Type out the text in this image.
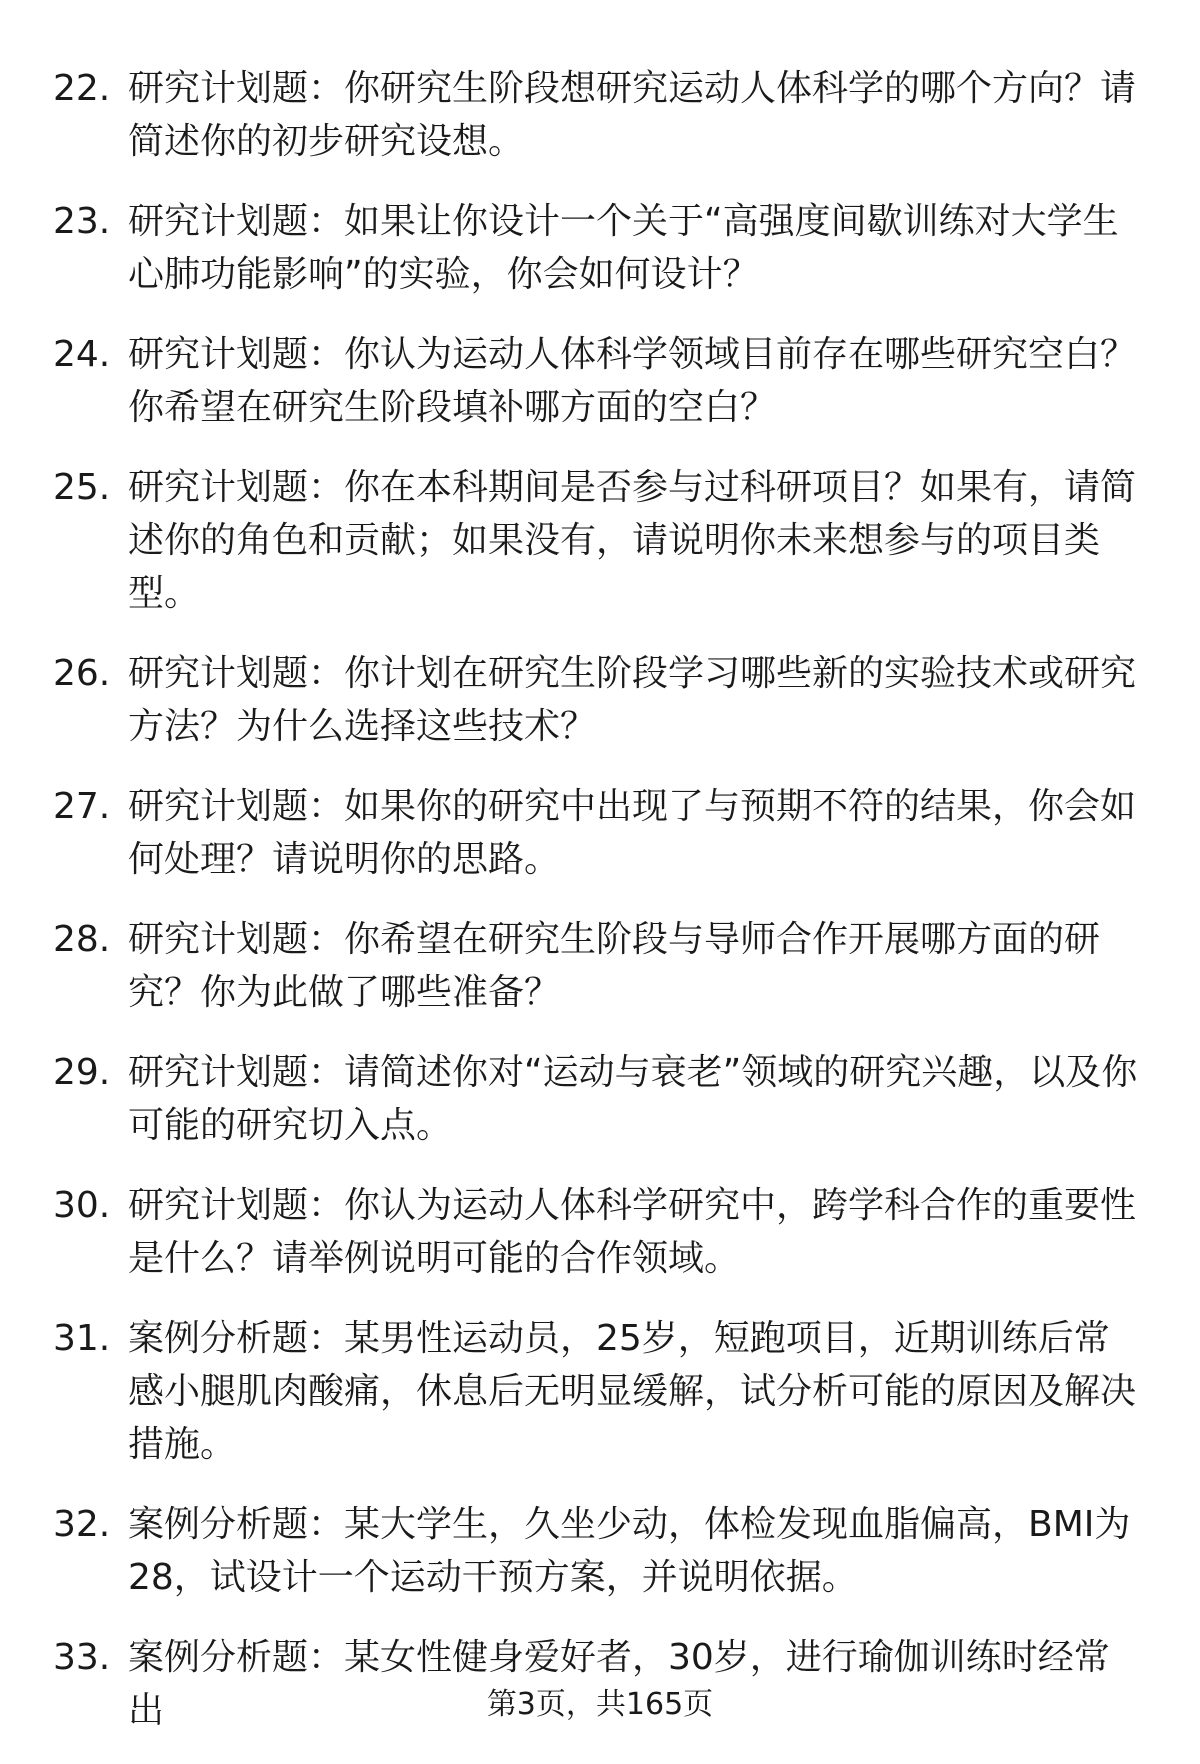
22. 研究计划题：你研究生阶段想研究运动人体科学的哪个方向？请简述你的初步研究设想。
23. 研究计划题：如果让你设计一个关于“高强度间歇训练对大学生心肺功能影响”的实验，你会如何设计？
24. 研究计划题：你认为运动人体科学领域目前存在哪些研究空白？你希望在研究生阶段填补哪方面的空白？
25. 研究计划题：你在本科期间是否参与过科研项目？如果有，请简述你的角色和贡献；如果没有，请说明你未来想参与的项目类型。
26. 研究计划题：你计划在研究生阶段学习哪些新的实验技术或研究方法？为什么选择这些技术？
27. 研究计划题：如果你的研究中出现了与预期不符的结果，你会如何处理？请说明你的思路。
28. 研究计划题：你希望在研究生阶段与导师合作开展哪方面的研究？你为此做了哪些准备？
29. 研究计划题：请简述你对“运动与衰老”领域的研究兴趣，以及你可能的研究切入点。
30. 研究计划题：你认为运动人体科学研究中，跨学科合作的重要性是什么？请举例说明可能的合作领域。
31. 案例分析题：某男性运动员，25岁，短跑项目，近期训练后常感小腿肌肉酸痛，休息后无明显缓解，试分析可能的原因及解决措施。
32. 案例分析题：某大学生，久坐少动，体检发现血脂偏高，BMI为28，试设计一个运动干预方案，并说明依据。
33. 案例分析题：某女性健身爱好者，30岁，进行瑜伽训练时经常出	第3页，共165页
